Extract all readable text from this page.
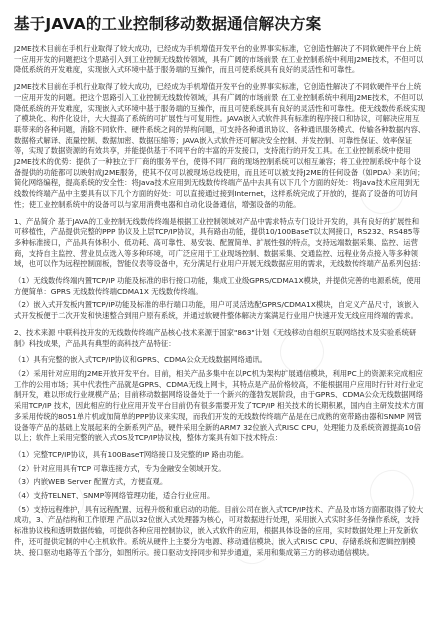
基于JAVA的工业控制移动数据通信解决方案

J2ME技术目前在手机行业取得了较大成功，已经成为手机增值开发平台的业界事实标准，它创造性解决了不同软硬件平台上统一应用开发的问题把这个思路引入到工业控制无线数传领域，具有广阔的市场前景 在工业控制系统中利用J2ME技术，不但可以降低系统的开发难度，实现嵌入式环境中基于服务端的互操作，而且可使系统具有良好的灵活性和可靠性。

J2ME技术目前在手机行业取得了较大成功，已经成为手机增值开发平台的业界事实标准，它创造性解决了不同软硬件平台上统一应用开发的问题。把这个思路引入工业控制无线数传领域，具有广阔的市场前景 在工业控制系统中利用J2ME技术，不但可以降低系统的开发难度，实现嵌入式环境中基于服务端的互操作，而且可使系统具有良好的灵活性和可靠性。使无线数传系统实现了模块化、构件化设计，大大提高了系统的可扩展性与可复用性。JAVA嵌入式软件具有标准的程序接口和协议，可解决应用互联带来的各种问题，消除不同软件、硬件系统之间的异构问题，可支持各种通讯协议、各种通讯服务模式、传输各种数据内容、数据格式解译、流量控制、数据加密、数据压缩等；JAVA嵌入式软件还可解决安全控制、并发控制、可靠性保证、效率保证等，实现了数据资源的有效共享，并能提供基于不同平台的丰富的开发接口，支持流行的开发工具。在工业控制系统中使用J2ME技术的优势：提供了一种独立于厂商的服务平台，使得不同厂商的现场控制系统可以相互兼容；将工业控制系统中每个设备提供的功能都可以映射成J2ME服务，使其不仅可以被现场总线使用，而且还可以被支持J2ME的任何设备（如PDA）来访问；简化网络编程，提高系统的安全性：将Java技术应用到无线数传终端产品中去具有以下几个方面的好处：将Java技术应用到无线数传终端产品中主要具有以下几个方面的好处：可以直接通过接到Internet，这样系统完成了开放的，提高了设备的可访问性；使工业控制系统中的设备可以与家用消费电器和自动化设备通信，增强设备的功能。

1、产品简介 基于JAVA的工业控制无线数传终端是根据工业控制领域对产品中需求特点专门设计开发的，具有良好的扩展性和可移植性，产品提供完整的PPP 协议及上层TCP/IP协议，具有路由功能，提供10/100BaseT以太网接口，RS232、RS485等多种标准接口，产品具有体积小、低功耗、高可靠性、易安装、配置简单、扩展性强的特点，支持远端数据采集、监控、运营商，支持自主监控、营业员点选入等多种环境，可广泛应用于工业现场控制、数据采集、交通监控、远程业务点接入等多种领域，也可以作为远程控制面板，智能仪表等设备中，充分满足行业用户开展无线数据应用的需求，无线数传终端产品系列包括：

（1）无线数传终端内置TCP/IP 功能及标准的串行接口功能，集成工业级GPRS/CDMA1X模块，并提供完善的电源系统，使用方便简单：GPRS 无线数传终端CDMA1X 无线数传终端。

（2）嵌入式开发板内置TCP/IP功能及标准的串行端口功能，用户可灵活选配GPRS/CDMA1X模块，自定义产品尺寸，该嵌入式开发板便于二次开发和快速整合到用户原有系统，并通过软硬件整体解决方案满足行业用户快速开发无线应用终端的需求。

2、技术来源 中联科技开发的无线数传终端产品核心技术来源于国家"863"计划《无线移动自组织互联网络技术及实验系统研制》科技成果，产品具有典型的高科技产品特征：

（1）具有完整的嵌入式TCP/IP协议和GPRS、CDMA公众无线数据网络通讯。

（2）采用针对应用的J2ME开放开发平台。目前，相关产品多集中在以PC机为架构扩展通信模块，利用PC上的资源来完成相应工作的公用市场；其中代表性产品就是GPRS、CDMA无线上网卡，其特点是产品价格较高，不能根据用户应用时行针对行业定制开发，难以形成行业规模产品；目前移动数据网络设备处于一个新兴的蓬勃发展阶段，由于GPRS、CDMA公众无线数据网络采用TCP/IP 技术，因此相应的行业应用开发平台目前仍有很多需要开发了TCP/IP 相关技术的长期积累，国内自主研发技术方面多采用传统的8051单片机或加简单的PPP协议来实现，而我们开发的无线数传终端产品是在已成熟的宽带路由器和SNMP 网管设备等产品的基础上发展起来的全新系列产品，硬件采用全新的ARM7 32位嵌入式RISC CPU，处理能力及系统资源提高10倍以上；软件上采用完整的嵌入式OS及TCP/IP协议栈，整体方案具有如下技术特点：

（1）完整TCP/IP协议，具有100BaseT网络接口及完整的IP 路由功能。

（2）针对应用具有TCP 可靠连接方式，专为金融安全领域开发。

（3）内嵌WEB Server 配置方式，方便直观。

（4）支持TELNET、SNMP等网络管理功能，适合行业应用。

（5）支持远程维护，具有远程配置、远程升级和重启动的功能。目前公司在嵌入式TCP/IP技术、产品及市场方面都取得了较大成功，3、产品结构和工作原理 产品以32位嵌入式处理器为核心，可对数据进行处理，采用嵌入式实时多任务操作系统，支持标准协议栈和透明数据传输，可提供各种应用控制协议，嵌入式软件的应用，根据具体设备的应用，实时数据处理上开发新软件，还可提供定制的中心主机软件。系统从硬件上主要分为电源、移动通信模块、嵌入式RISC CPU、存储系统和逻辑控制模块、接口驱动电路等五个部分，如图所示。接口驱动支持同步和异步通道，采用和集成第三方的移动通信模块。
